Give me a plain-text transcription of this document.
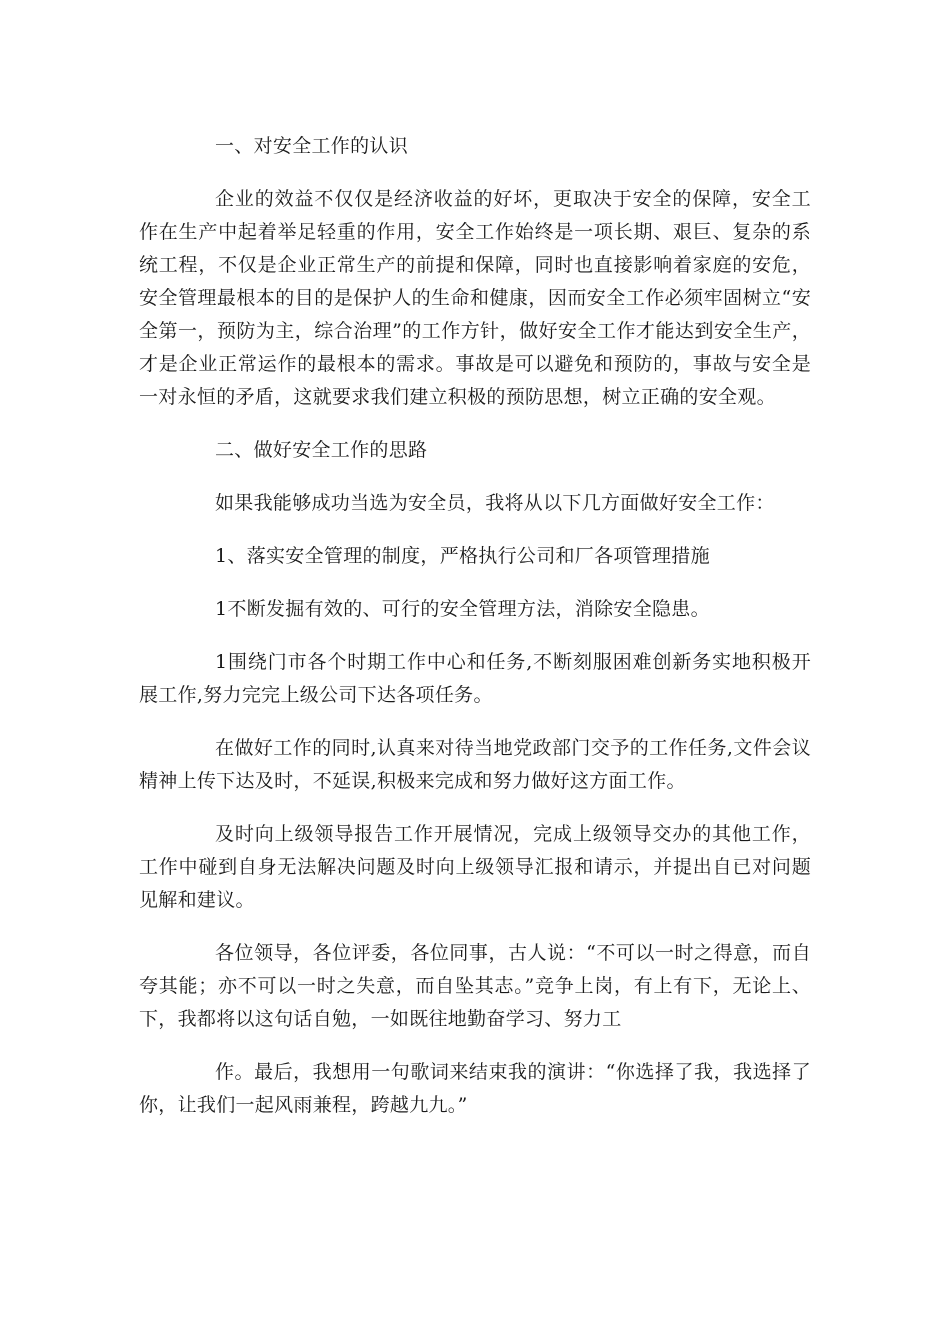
一、对安全工作的认识

企业的效益不仅仅是经济收益的好坏，更取决于安全的保障，安全工作在生产中起着举足轻重的作用，安全工作始终是一项长期、艰巨、复杂的系统工程，不仅是企业正常生产的前提和保障，同时也直接影响着家庭的安危，安全管理最根本的目的是保护人的生命和健康，因而安全工作必须牢固树立“安全第一，预防为主，综合治理”的工作方针，做好安全工作才能达到安全生产，才是企业正常运作的最根本的需求。事故是可以避免和预防的，事故与安全是一对永恒的矛盾，这就要求我们建立积极的预防思想，树立正确的安全观。

二、做好安全工作的思路

如果我能够成功当选为安全员，我将从以下几方面做好安全工作：

1、落实安全管理的制度，严格执行公司和厂各项管理措施

1不断发掘有效的、可行的安全管理方法，消除安全隐患。

1围绕门市各个时期工作中心和任务,不断刻服困难创新务实地积极开展工作,努力完完上级公司下达各项任务。

在做好工作的同时,认真来对待当地党政部门交予的工作任务,文件会议精神上传下达及时，不延误,积极来完成和努力做好这方面工作。

及时向上级领导报告工作开展情况，完成上级领导交办的其他工作，工作中碰到自身无法解决问题及时向上级领导汇报和请示，并提出自已对问题见解和建议。

各位领导，各位评委，各位同事，古人说：“不可以一时之得意，而自夸其能；亦不可以一时之失意，而自坠其志。”竞争上岗，有上有下，无论上、下，我都将以这句话自勉，一如既往地勤奋学习、努力工

作。最后，我想用一句歌词来结束我的演讲：“你选择了我，我选择了你，让我们一起风雨兼程，跨越九九。”
